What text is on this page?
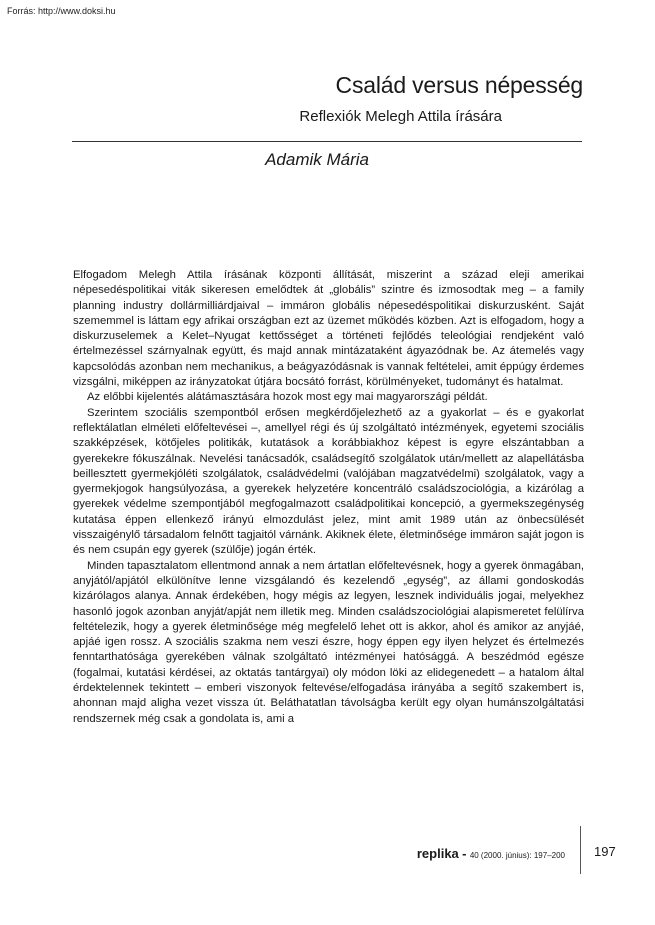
Forrás: http://www.doksi.hu
Család versus népesség
Reflexiók Melegh Attila írására
Adamik Mária

Elfogadom Melegh Attila írásának központi állítását, miszerint a század eleji amerikai népesedéspolitikai viták sikeresen emelődtek át „globális” szintre és izmosodtak meg – a family planning industry dollármilliárdjaival – immáron globális népesedéspolitikai diskurzusként. Saját szememmel is láttam egy afrikai országban ezt az üzemet működés közben. Azt is elfogadom, hogy a diskurzuselemek a Kelet–Nyugat kettősséget a történeti fejlődés teleológiai rendjeként való értelmezéssel szárnyalnak együtt, és majd annak mintázataként ágyazódnak be. Az átemelés vagy kapcsolódás azonban nem mechanikus, a beágyazódásnak is vannak feltételei, amit éppúgy érdemes vizsgálni, miképpen az irányzatokat útjára bocsátó forrást, körülményeket, tudományt és hatalmat.

Az előbbi kijelentés alátámasztására hozok most egy mai magyarországi példát.

Szerintem szociális szempontból erősen megkérdőjelezhető az a gyakorlat – és e gyakorlat reflektálatlan elméleti előfeltevései –, amellyel régi és új szolgáltató intézmények, egyetemi szociális szakképzések, kötőjeles politikák, kutatások a korábbiakhoz képest is egyre elszántabban a gyerekekre fókuszálnak. Nevelési tanácsadók, családsegítő szolgálatok után/mellett az alapellátásba beillesztett gyermekjóléti szolgálatok, családvédelmi (valójában magzatvédelmi) szolgálatok, vagy a gyermekjogok hangsúlyozása, a gyerekek helyzetére koncentráló családszociológia, a kizárólag a gyerekek védelme szempontjából megfogalmazott családpolitikai koncepció, a gyermekszegénység kutatása éppen ellenkező irányú elmozdulást jelez, mint amit 1989 után az önbecsülését visszaigénylő társadalom felnőtt tagjaitól várnánk. Akiknek élete, életminősége immáron saját jogon is és nem csupán egy gyerek (szülője) jogán érték.

Minden tapasztalatom ellentmond annak a nem ártatlan előfeltevésnek, hogy a gyerek önmagában, anyjától/apjától elkülönítve lenne vizsgálandó és kezelendő „egység”, az állami gondoskodás kizárólagos alanya. Annak érdekében, hogy mégis az legyen, lesznek individuális jogai, melyekhez hasonló jogok azonban anyját/apját nem illetik meg. Minden családszociológiai alapismeretet felülírva feltételezik, hogy a gyerek életminősége még megfelelő lehet ott is akkor, ahol és amikor az anyjáé, apjáé igen rossz. A szociális szakma nem veszi észre, hogy éppen egy ilyen helyzet és értelmezés fenntarthatósága gyerekében válnak szolgáltató intézményei hatósággá. A beszédmód egésze (fogalmai, kutatási kérdései, az oktatás tantárgyai) oly módon löki az elidegenedett – a hatalom által érdektelennek tekintett – emberi viszonyok feltevése/elfogadása irányába a segítő szakembert is, ahonnan majd aligha vezet vissza út. Beláthatatlan távolságba került egy olyan humánszolgáltatási rendszernek még csak a gondolata is, ami a

replika - 40 (2000. június): 197–200 197
